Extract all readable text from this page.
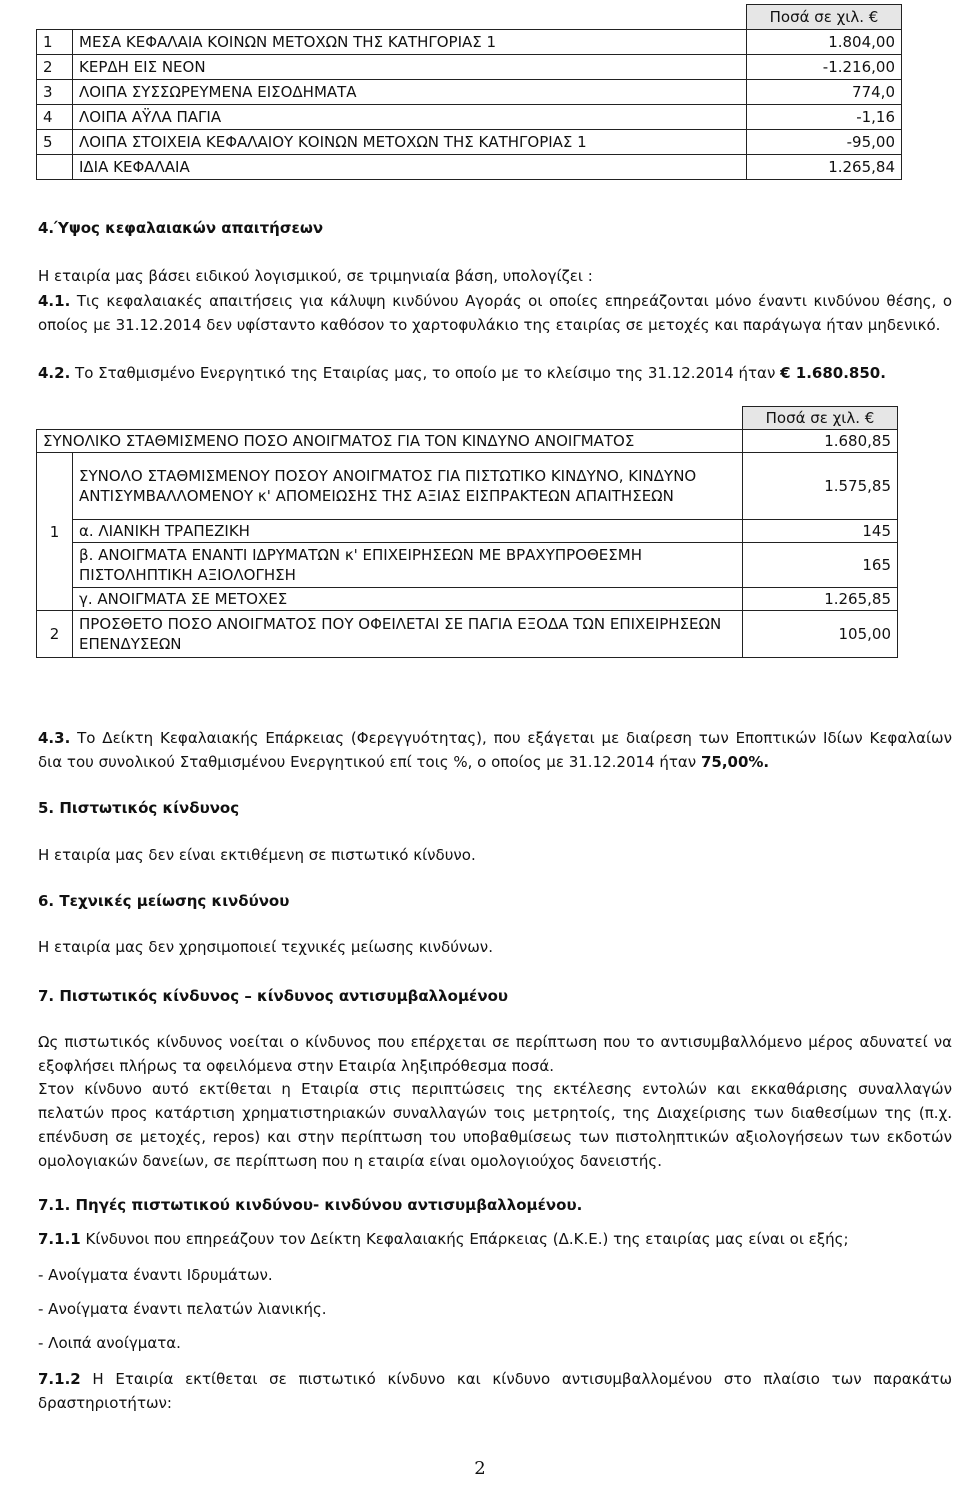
		Ποσά σε χιλ. €
1	ΜΕΣΑ ΚΕΦΑΛΑΙΑ ΚΟΙΝΩΝ ΜΕΤΟΧΩΝ ΤΗΣ ΚΑΤΗΓΟΡΙΑΣ 1	1.804,00
2	ΚΕΡΔΗ ΕΙΣ ΝΕΟΝ	-1.216,00
3	ΛΟΙΠΑ ΣΥΣΣΩΡΕΥΜΕΝΑ ΕΙΣΟΔΗΜΑΤΑ	774,0
4	ΛΟΙΠΑ ΑΫΛΑ ΠΑΓΙΑ	-1,16
5	ΛΟΙΠΑ ΣΤΟΙΧΕΙΑ ΚΕΦΑΛΑΙΟΥ ΚΟΙΝΩΝ ΜΕΤΟΧΩΝ ΤΗΣ ΚΑΤΗΓΟΡΙΑΣ 1	-95,00
	ΙΔΙΑ ΚΕΦΑΛΑΙΑ	1.265,84
4.Ύψος κεφαλαιακών απαιτήσεων
Η εταιρία μας βάσει ειδικού λογισμικού, σε τριμηνιαία βάση, υπολογίζει :
4.1. Τις κεφαλαιακές απαιτήσεις για κάλυψη κινδύνου Αγοράς οι οποίες επηρεάζονται μόνο έναντι κινδύνου θέσης, ο οποίος με 31.12.2014 δεν υφίσταντο καθόσον το χαρτοφυλάκιο της εταιρίας σε μετοχές και παράγωγα ήταν μηδενικό.
4.2. Το Σταθμισμένο Ενεργητικό της Εταιρίας μας, το οποίο με το κλείσιμο της 31.12.2014 ήταν € 1.680.850.
		Ποσά σε χιλ. €
ΣΥΝΟΛΙΚΟ ΣΤΑΘΜΙΣΜΕΝΟ ΠΟΣΟ ΑΝΟΙΓΜΑΤΟΣ ΓΙΑ ΤΟΝ ΚΙΝΔΥΝΟ ΑΝΟΙΓΜΑΤΟΣ		1.680,85
1	ΣΥΝΟΛΟ ΣΤΑΘΜΙΣΜΕΝΟΥ ΠΟΣΟΥ ΑΝΟΙΓΜΑΤΟΣ ΓΙΑ ΠΙΣΤΩΤΙΚΟ ΚΙΝΔΥΝΟ, ΚΙΝΔΥΝΟ ΑΝΤΙΣΥΜΒΑΛΛΟΜΕΝΟΥ κ' ΑΠΟΜΕΙΩΣΗΣ ΤΗΣ ΑΞΙΑΣ ΕΙΣΠΡΑΚΤΕΩΝ ΑΠΑΙΤΗΣΕΩΝ	1.575,85
	α. ΛΙΑΝΙΚΗ ΤΡΑΠΕΖΙΚΗ	145
	β. ΑΝΟΙΓΜΑΤΑ ΕΝΑΝΤΙ ΙΔΡΥΜΑΤΩΝ κ' ΕΠΙΧΕΙΡΗΣΕΩΝ ΜΕ ΒΡΑΧΥΠΡΟΘΕΣΜΗ ΠΙΣΤΟΛΗΠΤΙΚΗ ΑΞΙΟΛΟΓΗΣΗ	165
	γ. ΑΝΟΙΓΜΑΤΑ ΣΕ ΜΕΤΟΧΕΣ	1.265,85
2	ΠΡΟΣΘΕΤΟ ΠΟΣΟ ΑΝΟΙΓΜΑΤΟΣ ΠΟΥ ΟΦΕΙΛΕΤΑΙ ΣΕ ΠΑΓΙΑ ΕΞΟΔΑ ΤΩΝ ΕΠΙΧΕΙΡΗΣΕΩΝ ΕΠΕΝΔΥΣΕΩΝ	105,00
4.3. Το Δείκτη Κεφαλαιακής Επάρκειας (Φερεγγυότητας), που εξάγεται με διαίρεση των Εποπτικών Ιδίων Κεφαλαίων δια του συνολικού Σταθμισμένου Ενεργητικού επί τοις %, ο οποίος με 31.12.2014 ήταν 75,00%.
5. Πιστωτικός κίνδυνος
Η εταιρία μας δεν είναι εκτιθέμενη σε πιστωτικό κίνδυνο.
6. Τεχνικές μείωσης κινδύνου
Η εταιρία μας δεν χρησιμοποιεί τεχνικές μείωσης κινδύνων.
7. Πιστωτικός κίνδυνος – κίνδυνος αντισυμβαλλομένου
Ως πιστωτικός κίνδυνος νοείται ο κίνδυνος που επέρχεται σε περίπτωση που το αντισυμβαλλόμενο μέρος αδυνατεί να εξοφλήσει πλήρως τα οφειλόμενα στην Εταιρία ληξιπρόθεσμα ποσά.
Στον κίνδυνο αυτό εκτίθεται η Εταιρία στις περιπτώσεις της εκτέλεσης εντολών και εκκαθάρισης συναλλαγών πελατών προς κατάρτιση χρηματιστηριακών συναλλαγών τοις μετρητοίς, της Διαχείρισης των διαθεσίμων της (π.χ. επένδυση σε μετοχές, repos) και στην περίπτωση του υποβαθμίσεως των πιστοληπτικών αξιολογήσεων των εκδοτών ομολογιακών δανείων, σε περίπτωση που η εταιρία είναι ομολογιούχος δανειστής.
7.1. Πηγές πιστωτικού κινδύνου- κινδύνου αντισυμβαλλομένου.
7.1.1 Κίνδυνοι που επηρεάζουν τον Δείκτη Κεφαλαιακής Επάρκειας (Δ.Κ.Ε.) της εταιρίας μας είναι οι εξής;
- Ανοίγματα έναντι Ιδρυμάτων.
- Ανοίγματα έναντι πελατών λιανικής.
- Λοιπά ανοίγματα.
7.1.2 Η Εταιρία εκτίθεται σε πιστωτικό κίνδυνο και κίνδυνο αντισυμβαλλομένου στο πλαίσιο των παρακάτω δραστηριοτήτων:
2
